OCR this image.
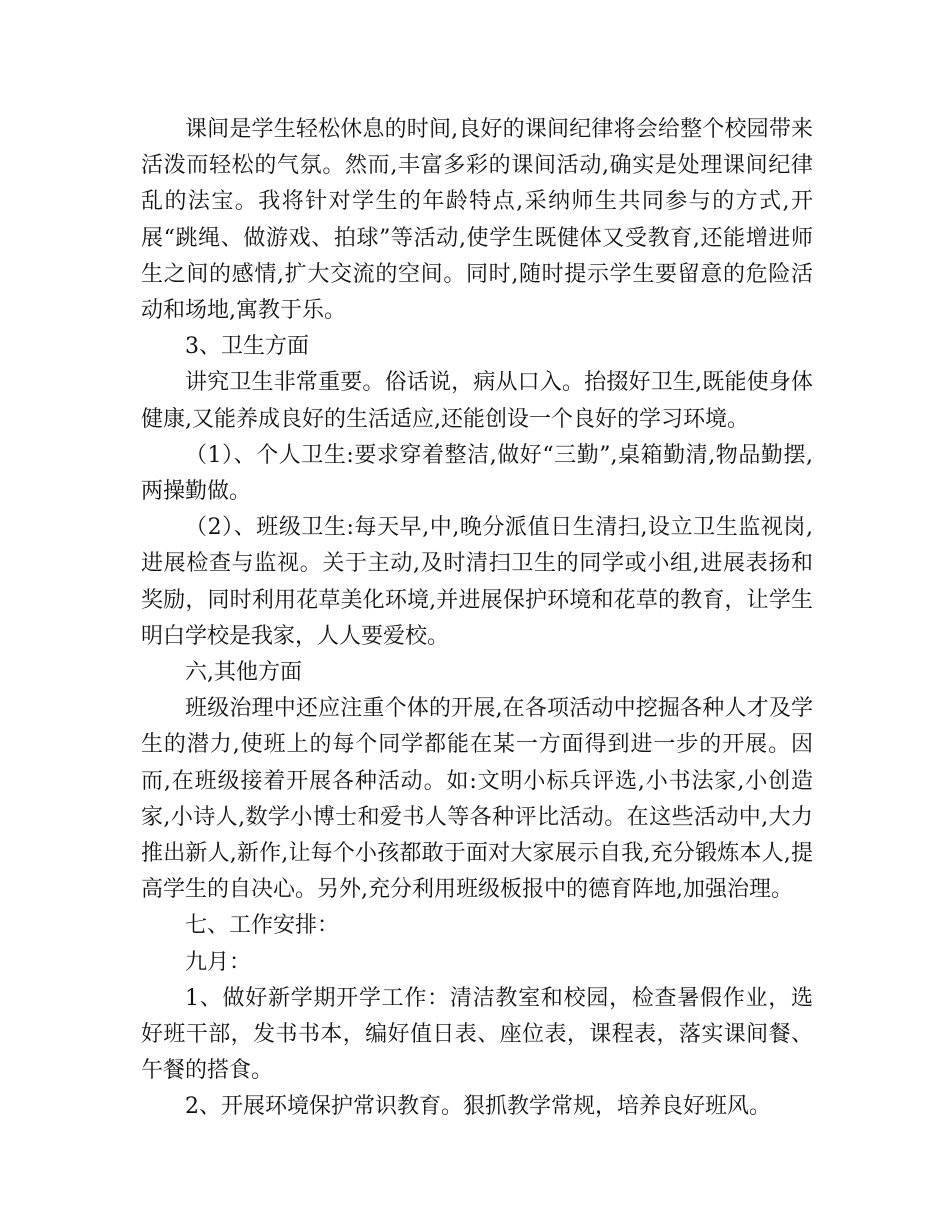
课间是学生轻松休息的时间,良好的课间纪律将会给整个校园带来活泼而轻松的气氛。然而,丰富多彩的课间活动,确实是处理课间纪律乱的法宝。我将针对学生的年龄特点,采纳师生共同参与的方式,开展“跳绳、做游戏、拍球”等活动,使学生既健体又受教育,还能增进师生之间的感情,扩大交流的空间。同时,随时提示学生要留意的危险活动和场地,寓教于乐。

3、卫生方面

讲究卫生非常重要。俗话说，病从口入。抬掇好卫生,既能使身体健康,又能养成良好的生活适应,还能创设一个良好的学习环境。

（1）、个人卫生:要求穿着整洁,做好“三勤”,桌箱勤清,物品勤摆,两操勤做。

（2）、班级卫生:每天早,中,晚分派值日生清扫,设立卫生监视岗,进展检查与监视。关于主动,及时清扫卫生的同学或小组,进展表扬和奖励，同时利用花草美化环境,并进展保护环境和花草的教育，让学生明白学校是我家，人人要爱校。

六,其他方面

班级治理中还应注重个体的开展,在各项活动中挖掘各种人才及学生的潜力,使班上的每个同学都能在某一方面得到进一步的开展。因而,在班级接着开展各种活动。如:文明小标兵评选,小书法家,小创造家,小诗人,数学小博士和爱书人等各种评比活动。在这些活动中,大力推出新人,新作,让每个小孩都敢于面对大家展示自我,充分锻炼本人,提高学生的自决心。另外,充分利用班级板报中的德育阵地,加强治理。

七、工作安排：

九月：

1、做好新学期开学工作：清洁教室和校园，检查暑假作业，选好班干部，发书书本，编好值日表、座位表，课程表，落实课间餐、午餐的搭食。

2、开展环境保护常识教育。狠抓教学常规，培养良好班风。
